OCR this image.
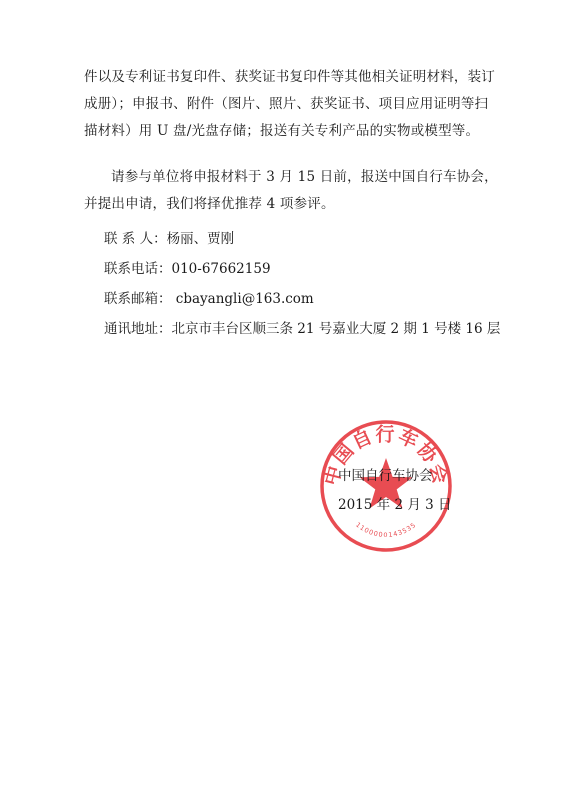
件以及专利证书复印件、获奖证书复印件等其他相关证明材料，装订
成册）；申报书、附件（图片、照片、获奖证书、项目应用证明等扫
描材料）用 U 盘/光盘存储；报送有关专利产品的实物或模型等。
请参与单位将申报材料于 3 月 15 日前，报送中国自行车协会，
并提出申请，我们将择优推荐 4 项参评。
联 系 人：杨丽、贾刚
联系电话：010-67662159
联系邮箱： cbayangli@163.com
通讯地址：北京市丰台区顺三条 21 号嘉业大厦 2 期 1 号楼 16 层
中国自行车协会
1100000143535
中国自行车协会
2015 年 2 月 3 日
